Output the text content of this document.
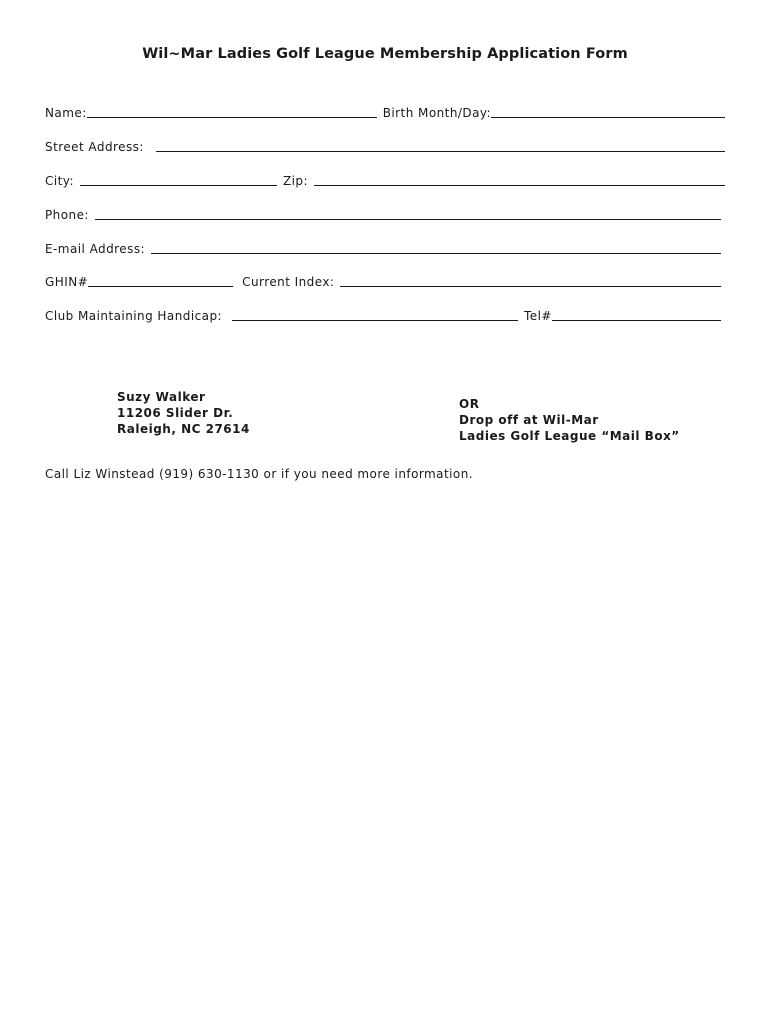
Wil~Mar Ladies Golf League Membership Application Form
Name:	Birth Month/Day:
Street Address:
City:	Zip:
Phone:
E-mail Address:
GHIN#	Current Index:
Club Maintaining Handicap:	Tel#
Suzy Walker
11206 Slider Dr.
Raleigh, NC 27614
OR
Drop off at Wil-Mar
Ladies Golf League “Mail Box”
Call Liz Winstead (919) 630-1130 or if you need more information.
